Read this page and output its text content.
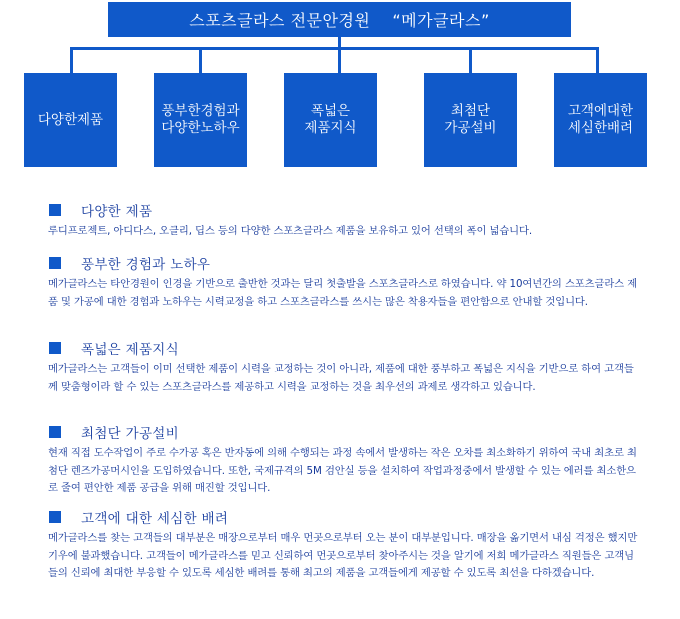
스포츠글라스 전문안경원 “메가글라스”
다양한제품
풍부한경험과
다양한노하우
폭넓은
제품지식
최첨단
가공설비
고객에대한
세심한배려
다양한 제품
루디프로젝트, 아디다스, 오클리, 딥스 등의 다양한 스포츠글라스 제품을 보유하고 있어 선택의 폭이 넓습니다.
풍부한 경험과 노하우
메가글라스는 타안경원이 인경을 기반으로 출반한 것과는 달리 첫출발을 스포츠글라스로 하였습니다. 약 10여년간의 스포츠글라스 제품 및 가공에 대한 경험과 노하우는 시력교정을 하고 스포츠글라스를 쓰시는 많은 착용자들을 편안함으로 안내할 것입니다.
폭넓은 제품지식
메가글라스는 고객들이 이미 선택한 제품이 시력을 교정하는 것이 아니라, 제품에 대한 풍부하고 폭넓은 지식을 기반으로 하여 고객들께 맞춤형이라 할 수 있는 스포츠글라스를 제공하고 시력을 교정하는 것을 최우선의 과제로 생각하고 있습니다.
최첨단 가공설비
현재 직접 도수작업이 주로 수가공 혹은 반자동에 의해 수행되는 과정 속에서 발생하는 작은 오차를 최소화하기 위하여 국내 최초로 최첨단 렌즈가공머시인을 도입하였습니다. 또한, 국제규격의 5M 검안실 등을 설치하여 작업과정중에서 발생할 수 있는 에러를 최소한으로 줄여 편안한 제품 공급을 위해 매진할 것입니다.
고객에 대한 세심한 배려
메가글라스를 찾는 고객들의 대부분은 매장으로부터 매우 먼곳으로부터 오는 분이 대부분입니다. 매장을 옮기면서 내심 걱정은 했지만 기우에 불과했습니다. 고객들이 메가글라스를 믿고 신뢰하여 먼곳으로부터 찾아주시는 것을 알기에 저희 메가글라스 직원들은 고객님들의 신뢰에 최대한 부응할 수 있도록 세심한 배려를 통해 최고의 제품을 고객들에게 제공할 수 있도록 최선을 다하겠습니다.
